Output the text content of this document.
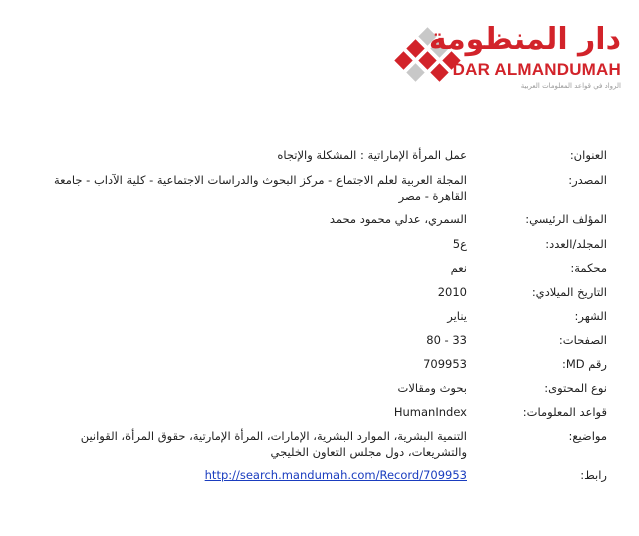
دار المنظومة
DAR ALMANDUMAH
الرواد في قواعد المعلومات العربية
العنوان:
عمل المرأة الإماراتية : المشكلة والإتجاه
المصدر:
المجلة العربية لعلم الاجتماع - مركز البحوث والدراسات الاجتماعية - كلية الآداب - جامعة القاهرة - مصر
المؤلف الرئيسي:
السمري، عدلي محمود محمد
المجلد/العدد:
ع5
محكمة:
نعم
التاريخ الميلادي:
2010
الشهر:
يناير
الصفحات:
33 - 80
رقم MD:
709953
نوع المحتوى:
بحوث ومقالات
قواعد المعلومات:
HumanIndex
مواضيع:
التنمية البشرية، الموارد البشرية، الإمارات، المرأة الإمارتية، حقوق المرأة، القوانين والتشريعات، دول مجلس التعاون الخليجي
رابط:
http://search.mandumah.com/Record/709953
